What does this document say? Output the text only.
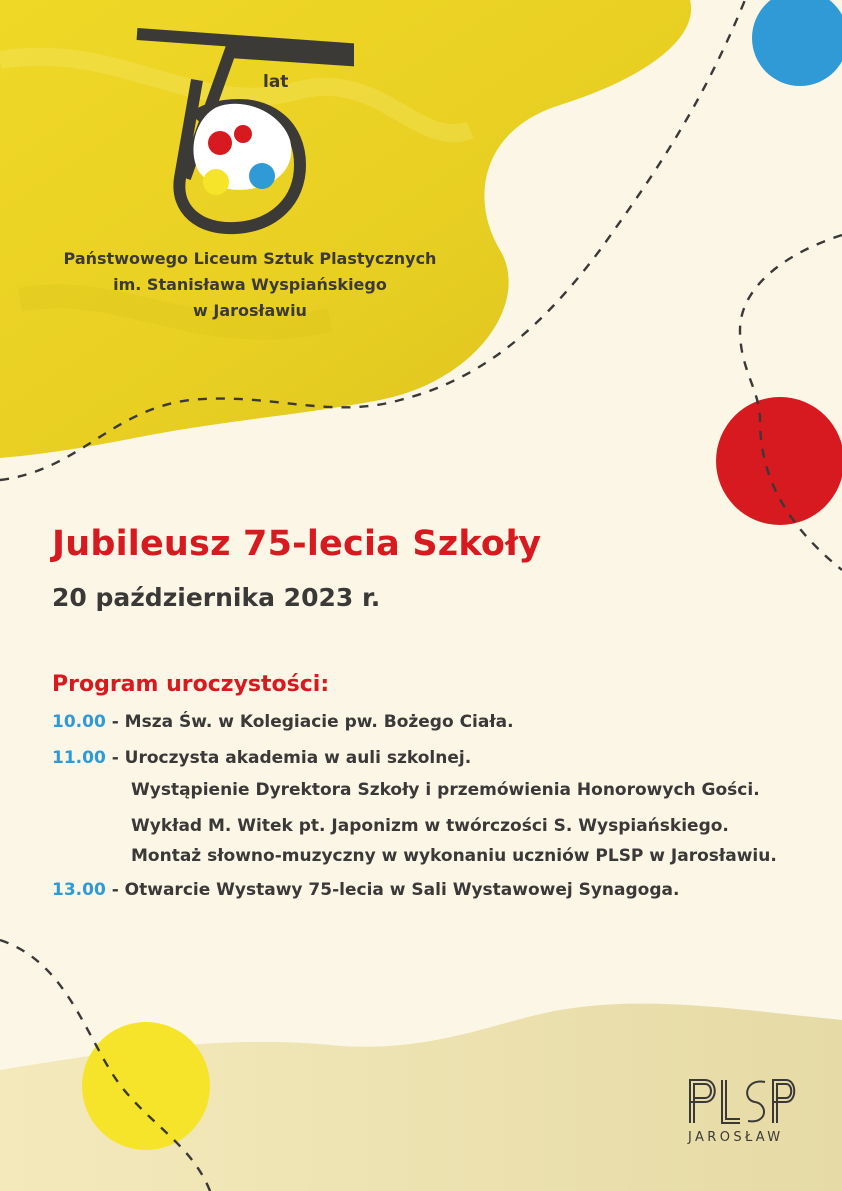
lat
Państwowego Liceum Sztuk Plastycznych
im. Stanisława Wyspiańskiego
w Jarosławiu
Jubileusz 75-lecia Szkoły
20 października 2023 r.
Program uroczystości:
10.00 - Msza Św. w Kolegiacie pw. Bożego Ciała.
11.00 - Uroczysta akademia w auli szkolnej.
Wystąpienie Dyrektora Szkoły i przemówienia Honorowych Gości.
Wykład M. Witek pt. Japonizm w twórczości S. Wyspiańskiego.
Montaż słowno-muzyczny w wykonaniu uczniów PLSP w Jarosławiu.
13.00 - Otwarcie Wystawy 75-lecia w Sali Wystawowej Synagoga.
JAROSŁAW
